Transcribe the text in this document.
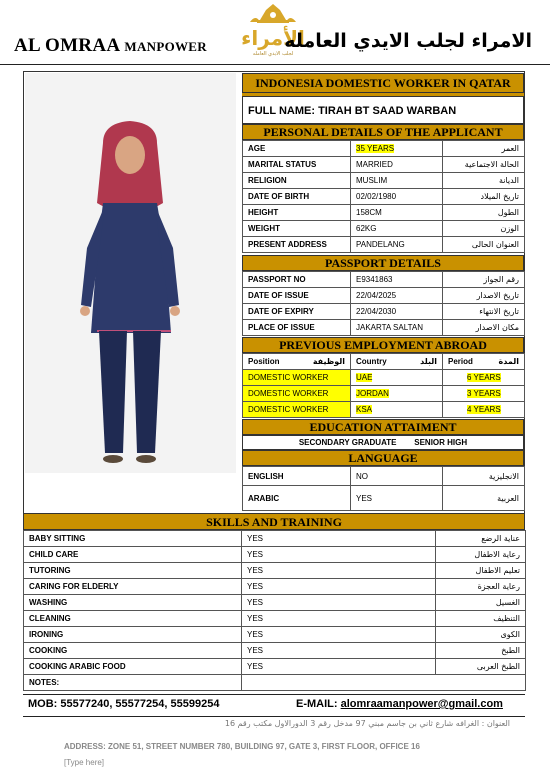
AL OMRAA MANPOWER الأمراء
لجلب الايدي العامله
الامراء لجلب الايدي العامله
INDONESIA DOMESTIC WORKER IN QATAR
FULL NAME: TIRAH BT SAAD WARBAN
PERSONAL DETAILS OF THE APPLICANT
AGE	35 YEARS	العمر
MARITAL STATUS	MARRIED	الحالة الاجتماعية
RELIGION	MUSLIM	الديانة
DATE OF BIRTH	02/02/1980	تاريخ الميلاد
HEIGHT	158CM	الطول
WEIGHT	62KG	الوزن
PRESENT ADDRESS	PANDELANG	العنوان الحالى
PASSPORT DETAILS
PASSPORT NO	E9341863	رقم الجواز
DATE OF ISSUE	22/04/2025	تاريخ الاصدار
DATE OF EXPIRY	22/04/2030	تاريخ الانتهاء
PLACE OF ISSUE	JAKARTA SALTAN	مكان الاصدار
PREVIOUS EMPLOYMENT ABROAD
Position الوظيفة	Country البلد	Period المدة

DOMESTIC WORKER	UAE	6 YEARS
DOMESTIC WORKER	JORDAN	3 YEARS
DOMESTIC WORKER	KSA	4 YEARS
EDUCATION ATTAIMENT
SECONDARY GRADUATE        SENIOR HIGH
LANGUAGE
ENGLISH	NO	الانجليزية
ARABIC	YES	العربية
SKILLS AND TRAINING
BABY SITTING	YES	عناية الرضع
CHILD CARE	YES	رعاية الاطفال
TUTORING	YES	تعليم الاطفال
CARING FOR ELDERLY	YES	رعاية العجزة
WASHING	YES	الغسيل
CLEANING	YES	التنظيف
IRONING	YES	الكوى
COOKING	YES	الطبخ
COOKING ARABIC FOOD	YES	الطبخ العربى
NOTES:		
MOB: 55577240, 55577254, 55599254	E-MAIL: alomraamanpower@gmail.com
العنوان : الغرافه شارع ثاني بن جاسم مبني 97 مدخل رقم 3 الدورالاول مكتب رقم 16
ADDRESS: ZONE 51, STREET NUMBER 780, BUILDING 97, GATE 3, FIRST FLOOR, OFFICE 16
[Type here]
